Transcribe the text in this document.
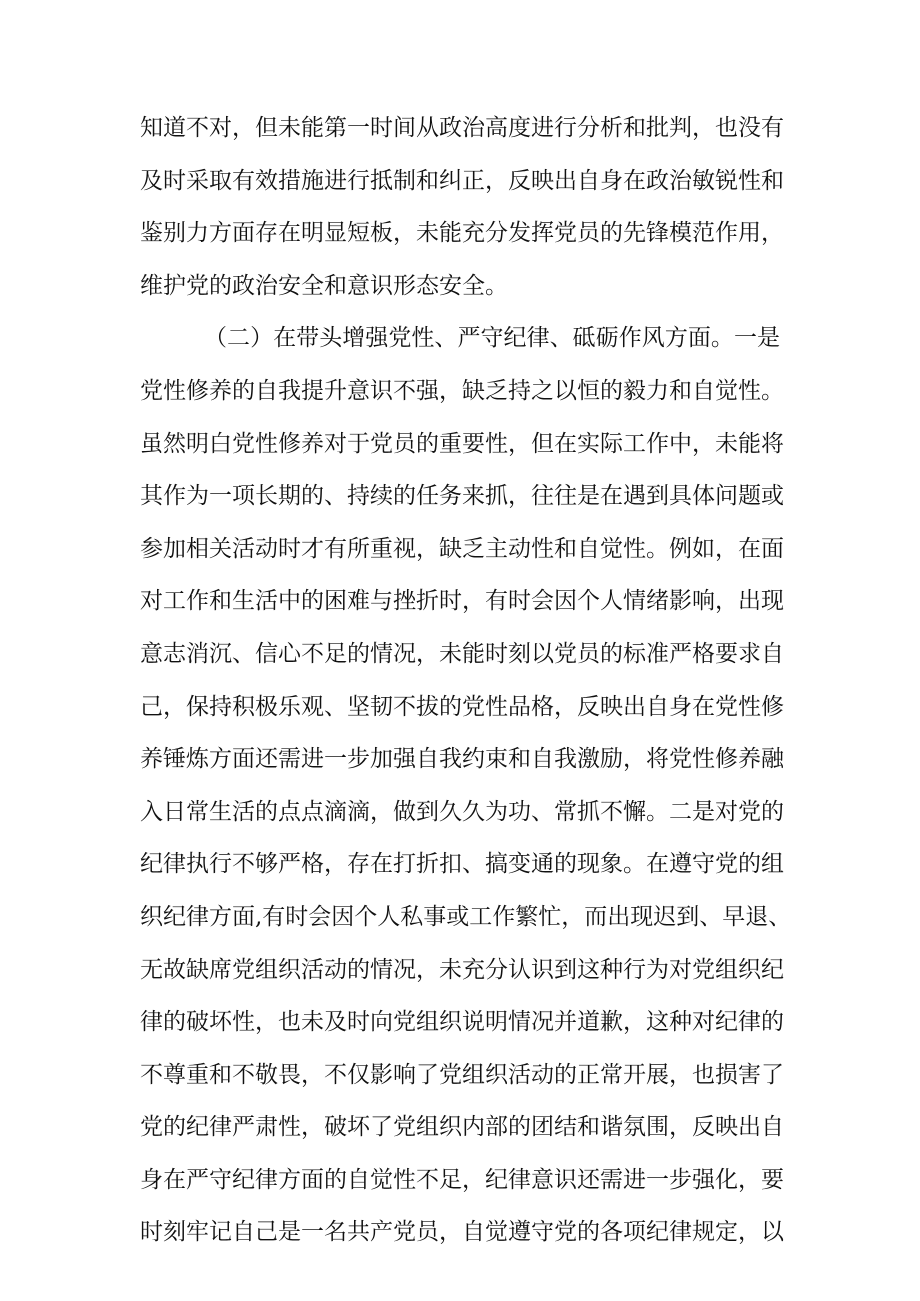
知道不对，但未能第一时间从政治高度进行分析和批判，也没有
及时采取有效措施进行抵制和纠正，反映出自身在政治敏锐性和
鉴别力方面存在明显短板，未能充分发挥党员的先锋模范作用，
维护党的政治安全和意识形态安全。
（二）在带头增强党性、严守纪律、砥砺作风方面。一是
党性修养的自我提升意识不强，缺乏持之以恒的毅力和自觉性。
虽然明白党性修养对于党员的重要性，但在实际工作中，未能将
其作为一项长期的、持续的任务来抓，往往是在遇到具体问题或
参加相关活动时才有所重视，缺乏主动性和自觉性。例如，在面
对工作和生活中的困难与挫折时，有时会因个人情绪影响，出现
意志消沉、信心不足的情况，未能时刻以党员的标准严格要求自
己，保持积极乐观、坚韧不拔的党性品格，反映出自身在党性修
养锤炼方面还需进一步加强自我约束和自我激励，将党性修养融
入日常生活的点点滴滴，做到久久为功、常抓不懈。二是对党的
纪律执行不够严格，存在打折扣、搞变通的现象。在遵守党的组
织纪律方面,有时会因个人私事或工作繁忙，而出现迟到、早退、
无故缺席党组织活动的情况，未充分认识到这种行为对党组织纪
律的破坏性，也未及时向党组织说明情况并道歉，这种对纪律的
不尊重和不敬畏，不仅影响了党组织活动的正常开展，也损害了
党的纪律严肃性，破坏了党组织内部的团结和谐氛围，反映出自
身在严守纪律方面的自觉性不足，纪律意识还需进一步强化，要
时刻牢记自己是一名共产党员，自觉遵守党的各项纪律规定，以
